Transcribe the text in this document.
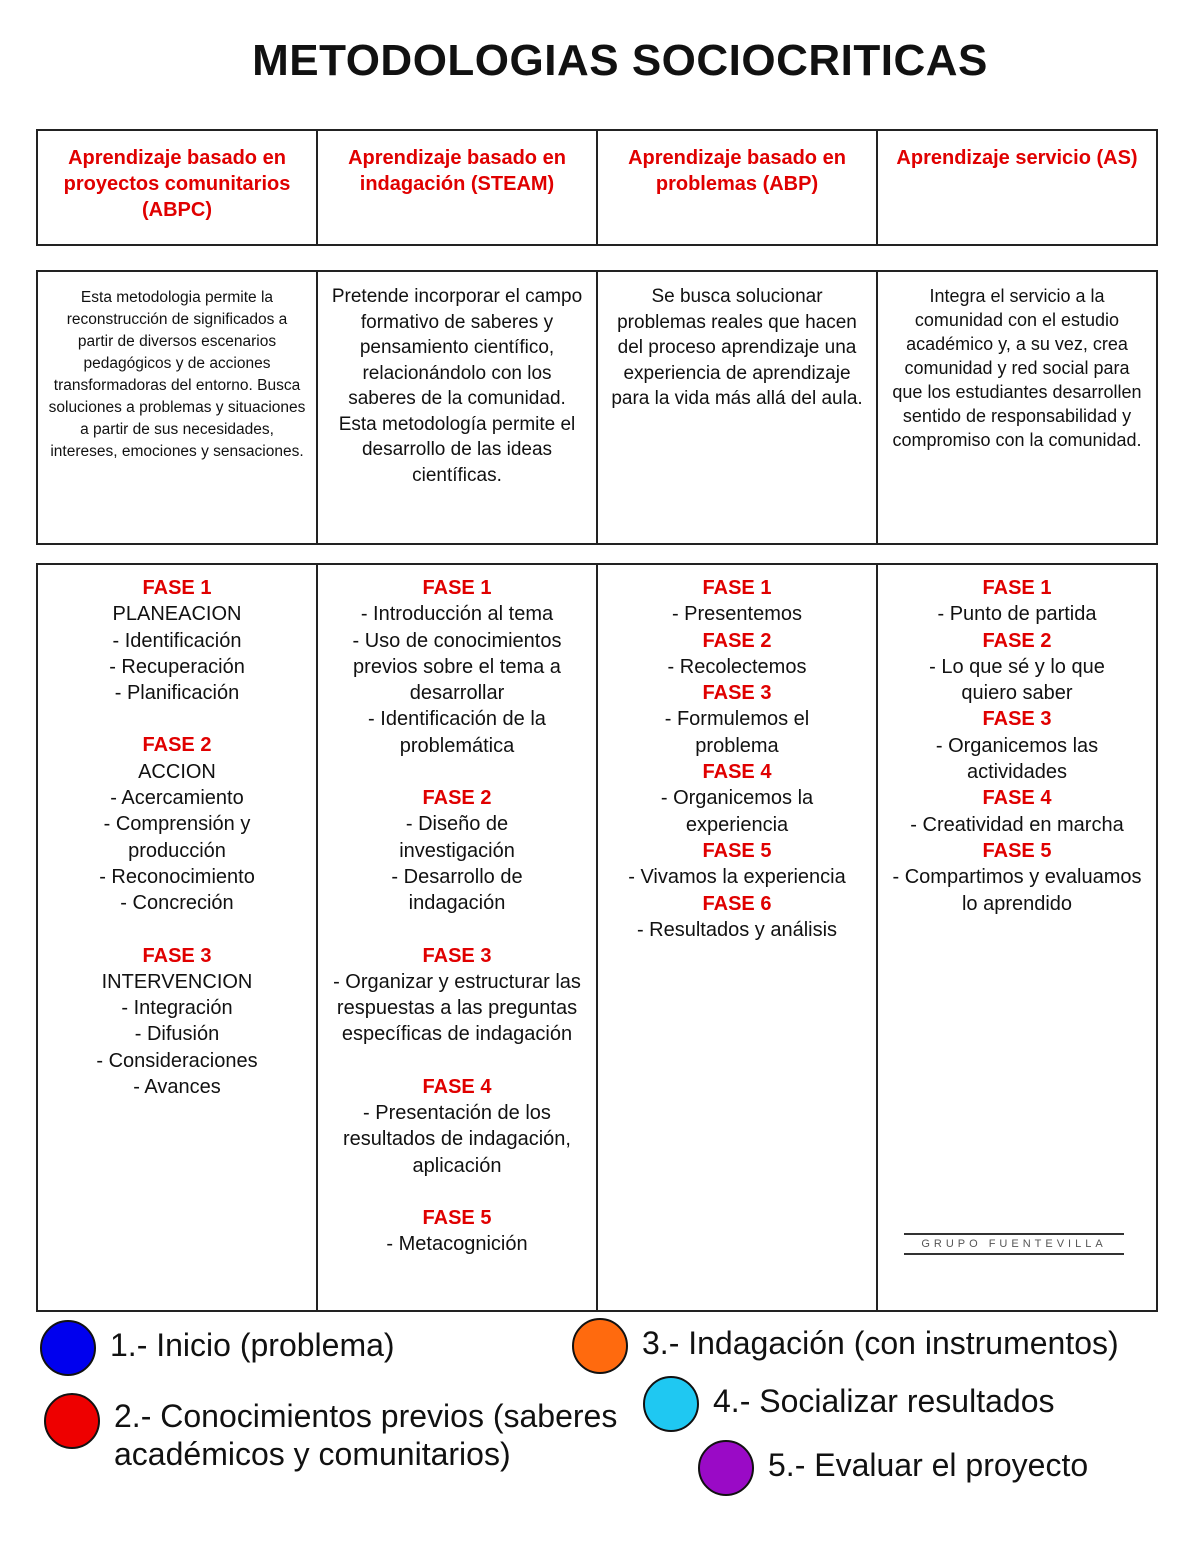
METODOLOGIAS SOCIOCRITICAS
Aprendizaje basado en proyectos comunitarios (ABPC)
Aprendizaje basado en indagación (STEAM)
Aprendizaje basado en problemas (ABP)
Aprendizaje servicio (AS)
Esta metodologia permite la reconstrucción de significados a partir de diversos escenarios pedagógicos y de acciones transformadoras del entorno. Busca soluciones a problemas y situaciones a partir de sus necesidades, intereses, emociones y sensaciones.
Pretende incorporar el campo formativo de saberes y pensamiento científico, relacionándolo con los saberes de la comunidad. Esta metodología permite el desarrollo de las ideas científicas.
Se busca solucionar problemas reales que hacen del proceso aprendizaje una experiencia de aprendizaje para la vida más allá del aula.
Integra el servicio a la comunidad con el estudio académico y, a su vez, crea comunidad y red social para que los estudiantes desarrollen sentido de responsabilidad y compromiso con la comunidad.
FASE 1
PLANEACION
- Identificación
- Recuperación
- Planificación
FASE 2
ACCION
- Acercamiento
- Comprensión y producción
- Reconocimiento
- Concreción
FASE 3
INTERVENCION
- Integración
- Difusión
- Consideraciones
- Avances
FASE 1
- Introducción al tema
- Uso de conocimientos previos sobre el tema a desarrollar
- Identificación de la problemática
FASE 2
- Diseño de investigación
- Desarrollo de indagación
FASE 3
- Organizar y estructurar las respuestas a las preguntas específicas de indagación
FASE 4
- Presentación de los resultados de indagación, aplicación
FASE 5
- Metacognición
FASE 1
- Presentemos
FASE 2
- Recolectemos
FASE 3
- Formulemos el problema
FASE 4
- Organicemos la experiencia
FASE 5
- Vivamos la experiencia
FASE 6
- Resultados y análisis
FASE 1
- Punto de partida
FASE 2
- Lo que sé y lo que quiero saber
FASE 3
- Organicemos las actividades
FASE 4
- Creatividad en marcha
FASE 5
- Compartimos y evaluamos lo aprendido
GRUPO FUENTEVILLA
1.- Inicio (problema)
2.- Conocimientos previos (saberes académicos y comunitarios)
3.- Indagación (con instrumentos)
4.- Socializar resultados
5.- Evaluar el proyecto
